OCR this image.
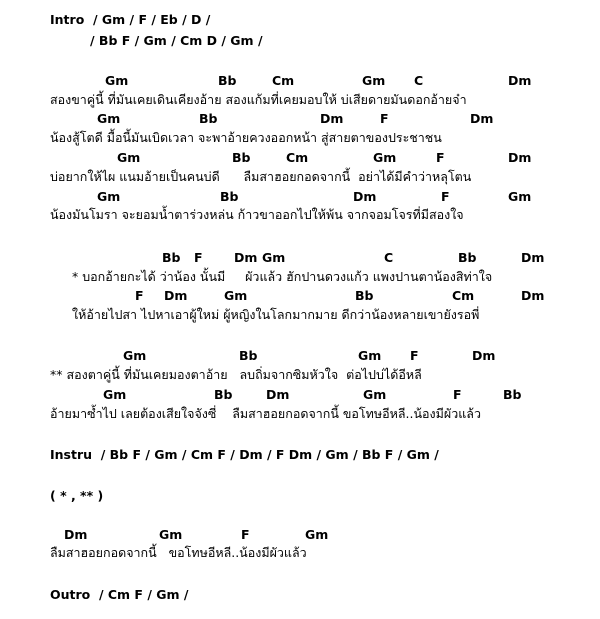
Intro  / Gm / F / Eb / D /
/ Bb F / Gm / Cm D / Gm /
Gm	Bb	Cm	Gm C	Dm
สองขาคู่นี้ ที่มันเคยเดินเคียงอ้าย สองแก้มที่เคยมอบให้ บ่เสียดายมันดอกอ้ายจ๋า
Gm	Bb	Dm	F	Dm
น้องสู้โตดี มื้อนี้มันเบิดเวลา จะพาอ้ายควงออกหน้า สู่สายตาของประชาชน
Gm	Bb	Cm	Gm	F	Dm
บ่อยากให้ไผ แนมอ้ายเป็นคนบ่ดี      ลืมสาฮอยกอดจากนี้  อย่าได้มีคำว่าหลุโตน
Gm	Bb	Dm	F	Gm
น้องมันโมรา จะยอมน้ำตาร่วงหล่น ก้าวขาออกไปให้พ้น จากจอมโจรที่มีสองใจ
Bb F	Dm Gm	C	Bb	Dm
* บอกอ้ายกะได้ ว่าน้อง นั้นมี     ผัวแล้ว ฮักปานดวงแก้ว แพงปานตาน้องสิท่าใจ
F Dm	Gm	Bb	Cm	Dm
ให้อ้ายไปสา ไปหาเอาผู้ใหม่ ผู้หญิงในโลกมากมาย ดีกว่าน้องหลายเขายังรอพี่
Gm	Bb	Gm F	Dm
** สองตาคู่นี้ ที่มันเคยมองตาอ้าย   ลบถิ่มจากซิมหัวใจ  ต่อไปบ่ได้อีหลี
Gm	Bb	Dm	Gm	F	Bb
อ้ายมาซ้ำไป เลยต้องเสียใจจังซี่    ลืมสาฮอยกอดจากนี้ ขอโทษอีหลี..น้องมีผัวแล้ว
Instru  / Bb F / Gm / Cm F / Dm / F Dm / Gm / Bb F / Gm /
( * , ** )
Dm	Gm	F	Gm
ลืมสาฮอยกอดจากนี้   ขอโทษอีหลี..น้องมีผัวแล้ว
Outro  / Cm F / Gm /
